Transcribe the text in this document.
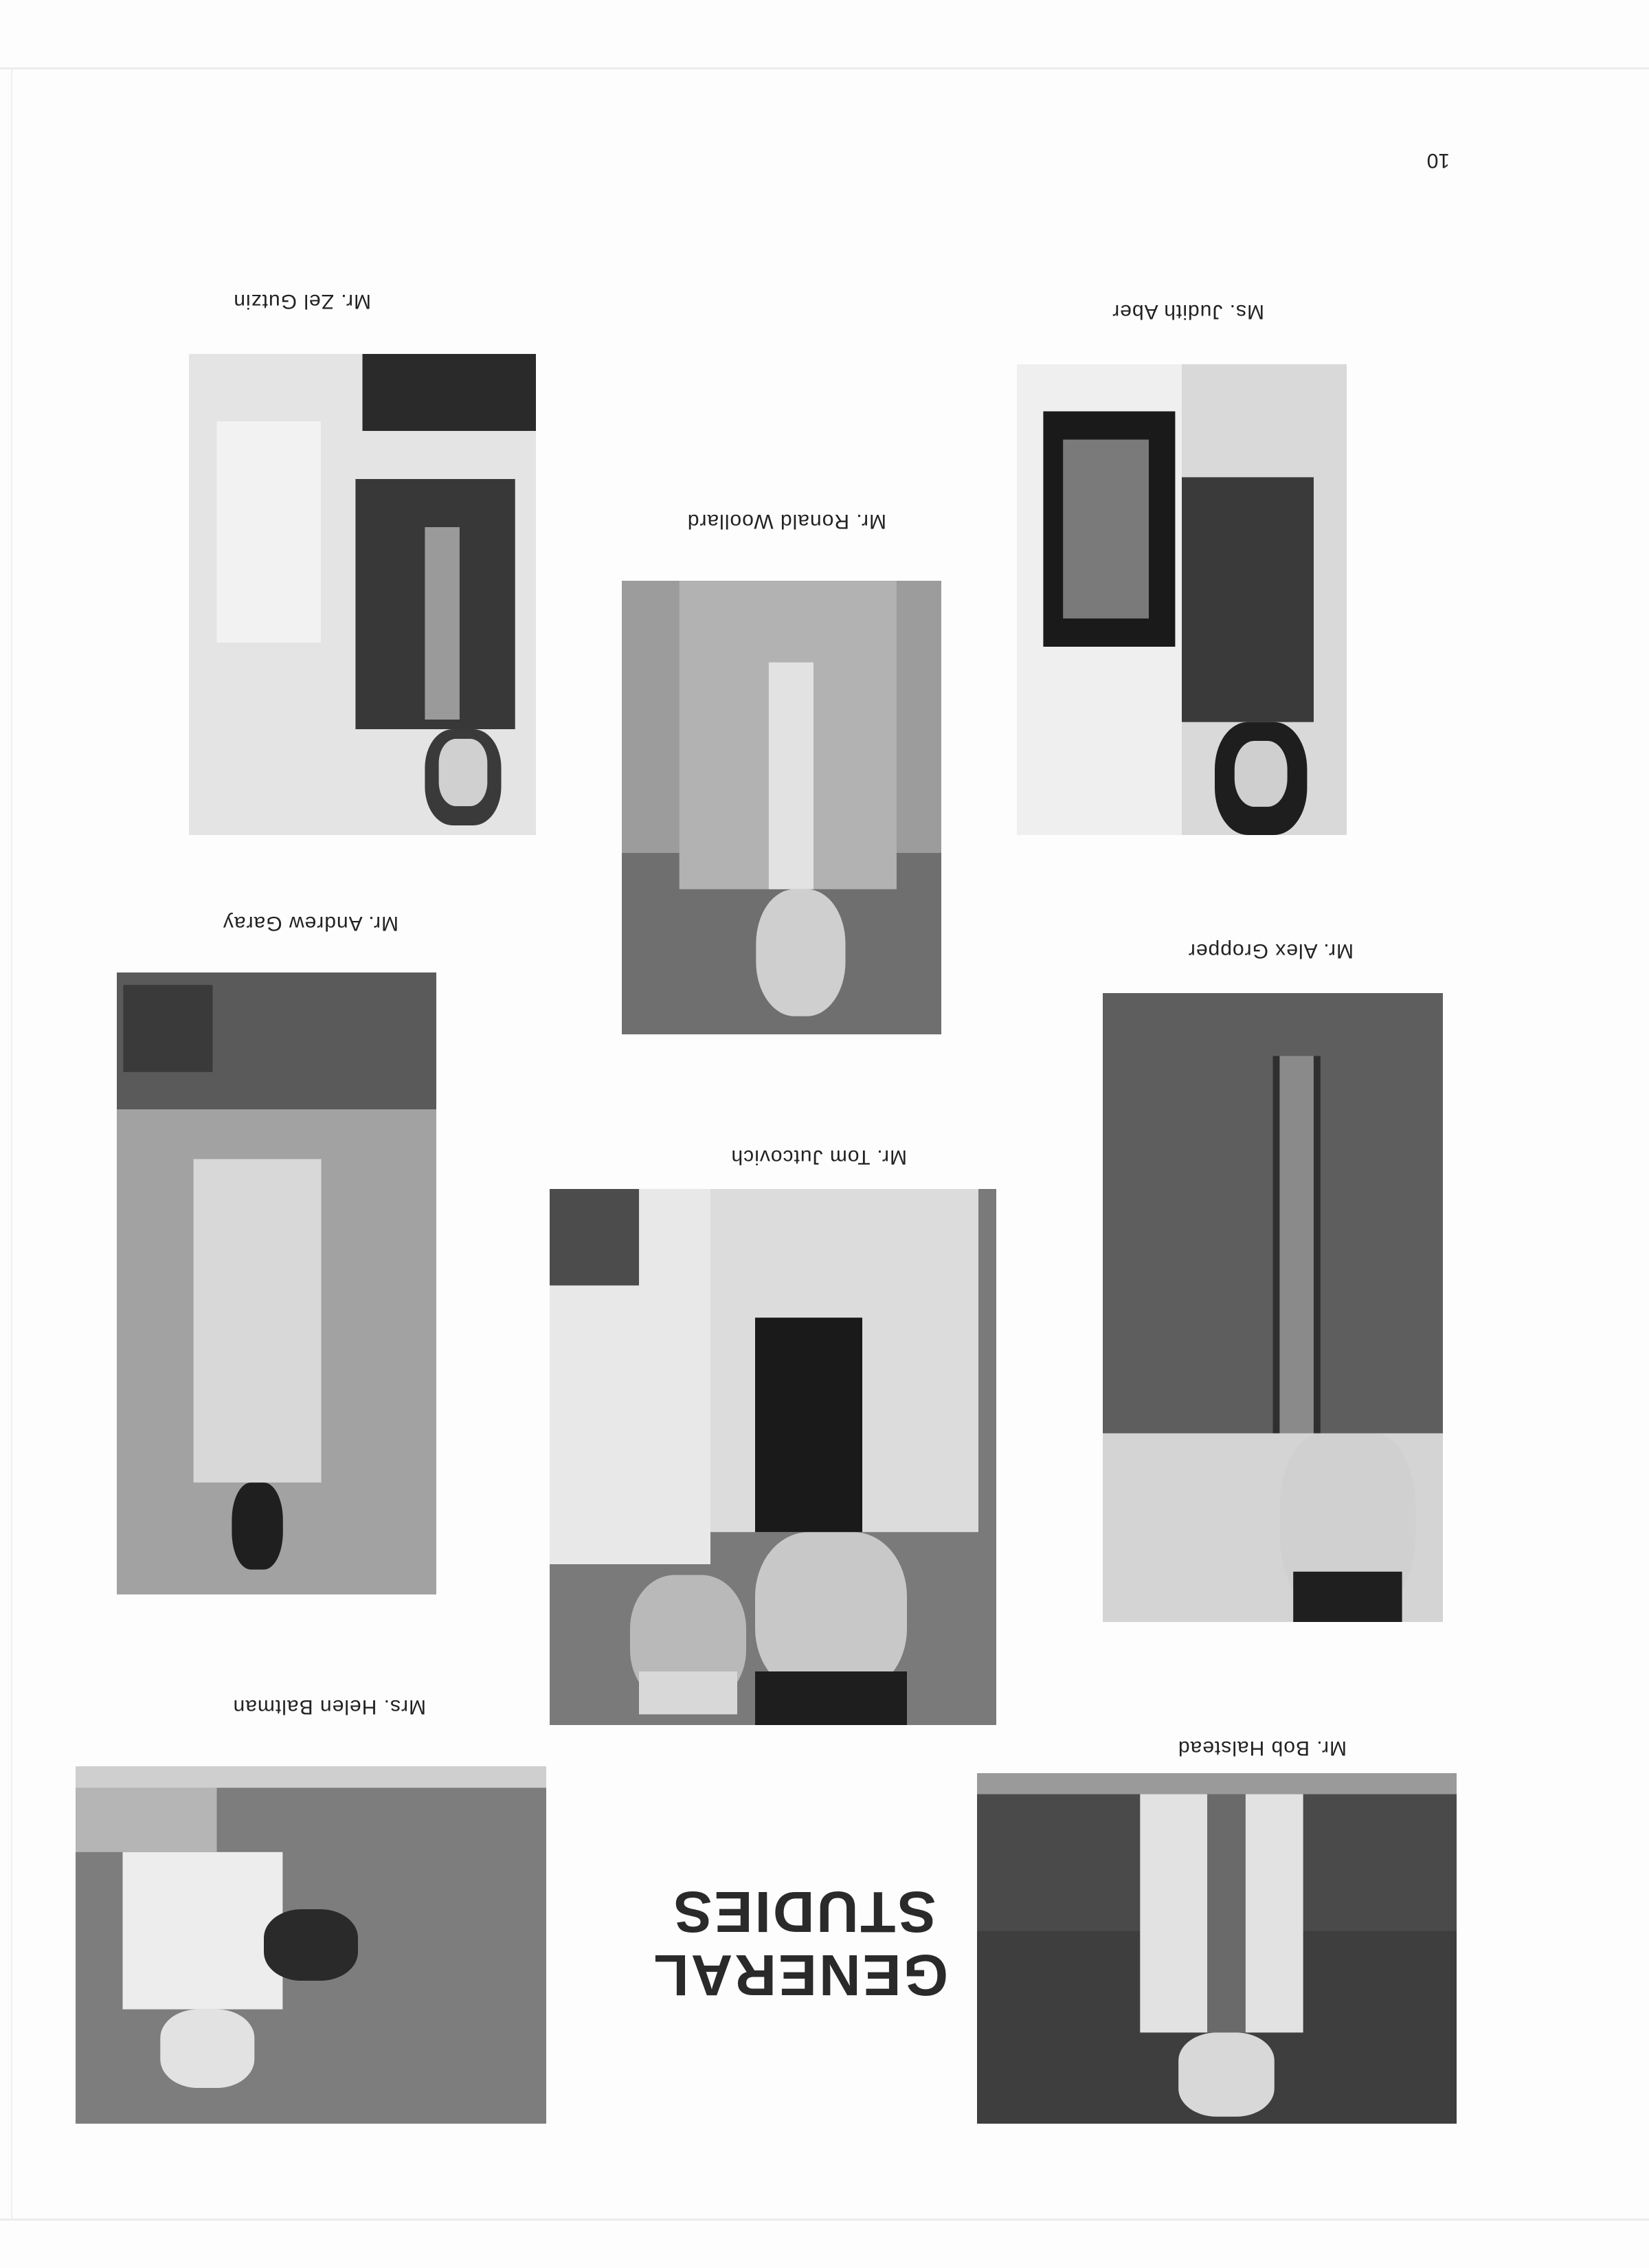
10
GENERAL
STUDIES
Mr. Bob Halstead
Mr. Alex Gropper
Ms. Judith Aber
Mr. Tom Jutcovich
Mr. Ronald Woollard
Mrs. Helen Baltman
Mr. Andrew Garay
Mr. Zel Gutzin
